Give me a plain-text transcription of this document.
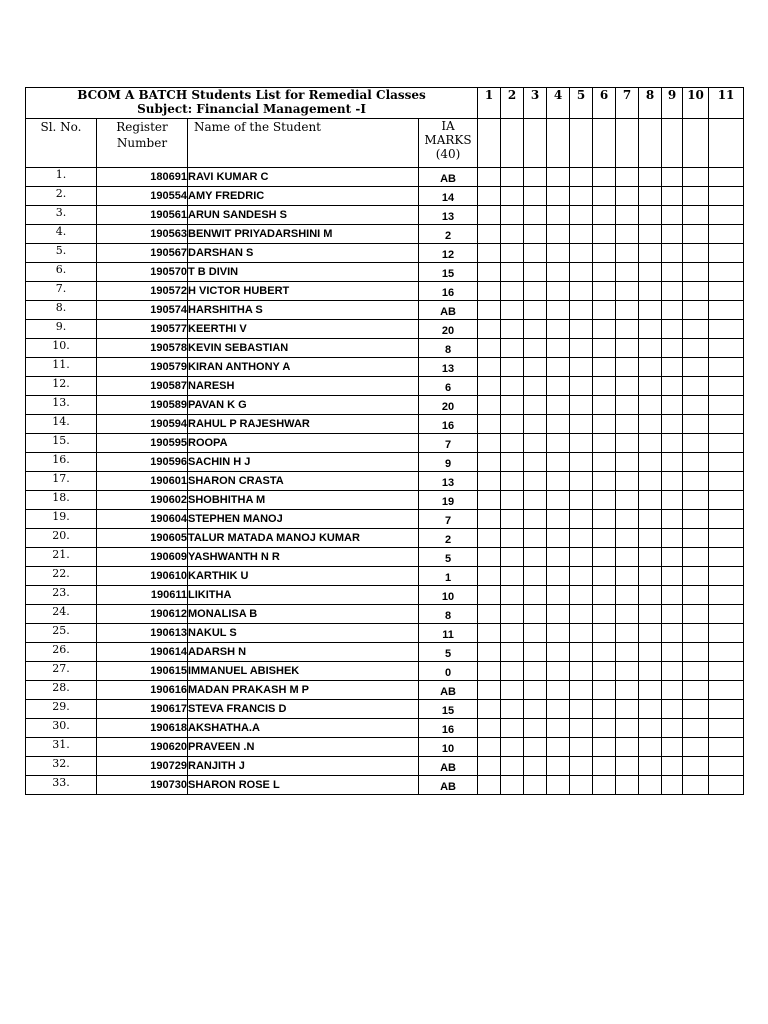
BCOM A BATCH Students List for Remedial Classes
Subject: Financial Management -I				1	2	3	4	5	6	7	8	9	10	11
Sl. No.	Register Number	Name of the Student	IA MARKS (40)											
1.	180691	RAVI KUMAR C	AB											
2.	190554	AMY FREDRIC	14											
3.	190561	ARUN SANDESH S	13											
4.	190563	BENWIT PRIYADARSHINI M	2											
5.	190567	DARSHAN S	12											
6.	190570	T B DIVIN	15											
7.	190572	H VICTOR HUBERT	16											
8.	190574	HARSHITHA S	AB											
9.	190577	KEERTHI V	20											
10.	190578	KEVIN SEBASTIAN	8											
11.	190579	KIRAN ANTHONY A	13											
12.	190587	NARESH	6											
13.	190589	PAVAN K G	20											
14.	190594	RAHUL P RAJESHWAR	16											
15.	190595	ROOPA	7											
16.	190596	SACHIN H J	9											
17.	190601	SHARON CRASTA	13											
18.	190602	SHOBHITHA M	19											
19.	190604	STEPHEN MANOJ	7											
20.	190605	TALUR MATADA MANOJ KUMAR	2											
21.	190609	YASHWANTH N R	5											
22.	190610	KARTHIK U	1											
23.	190611	LIKITHA	10											
24.	190612	MONALISA B	8											
25.	190613	NAKUL S	11											
26.	190614	ADARSH N	5											
27.	190615	IMMANUEL ABISHEK	0											
28.	190616	MADAN PRAKASH M P	AB											
29.	190617	STEVA FRANCIS D	15											
30.	190618	AKSHATHA.A	16											
31.	190620	PRAVEEN .N	10											
32.	190729	RANJITH J	AB											
33.	190730	SHARON ROSE L	AB											
